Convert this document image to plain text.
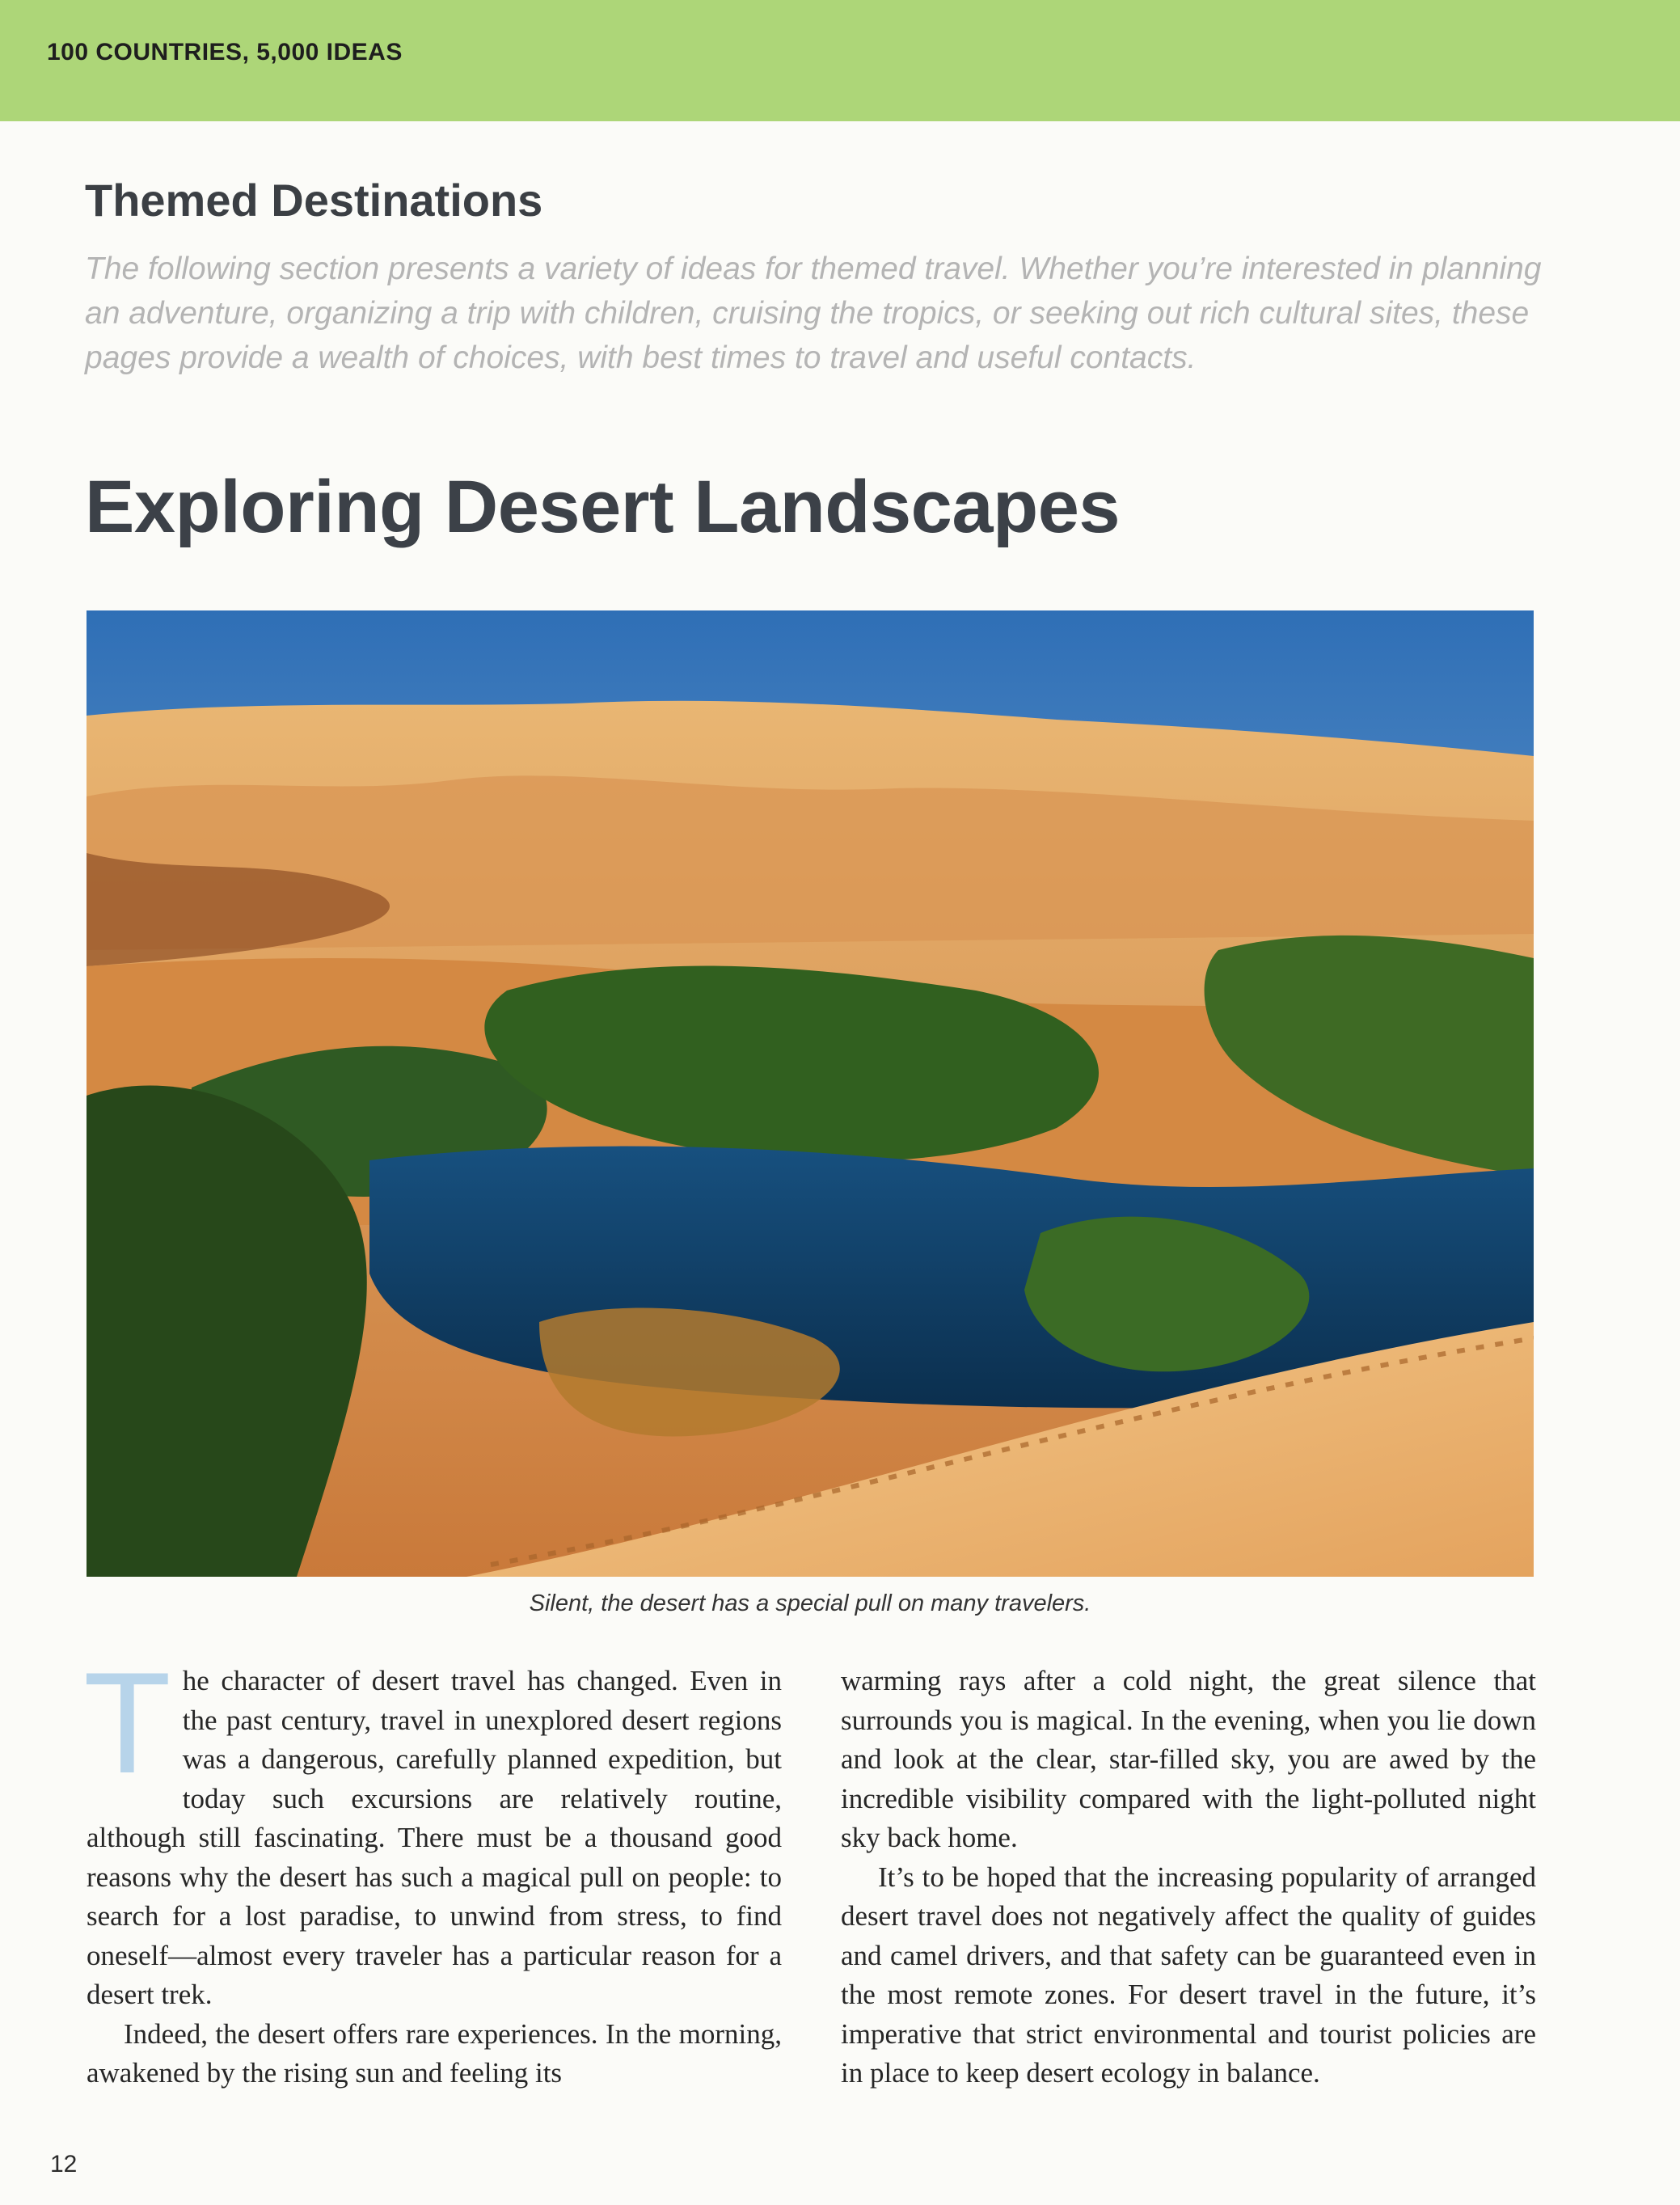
100 COUNTRIES, 5,000 IDEAS
Themed Destinations

The following section presents a variety of ideas for themed travel. Whether you’re interested in planning an adventure, organizing a trip with children, cruising the tropics, or seeking out rich cultural sites, these pages provide a wealth of choices, with best times to travel and useful contacts.

Exploring Desert Landscapes
Silent, the desert has a special pull on many travelers.

The character of desert travel has changed. Even in the past century, travel in unexplored desert regions was a dangerous, carefully planned expedition, but today such excursions are relatively routine, although still fascinating. There must be a thousand good reasons why the desert has such a magical pull on people: to search for a lost paradise, to unwind from stress, to find oneself—almost every traveler has a particular reason for a desert trek.

Indeed, the desert offers rare experiences. In the morning, awakened by the rising sun and feeling its

warming rays after a cold night, the great silence that surrounds you is magical. In the evening, when you lie down and look at the clear, star-filled sky, you are awed by the incredible visibility compared with the light-polluted night sky back home.

It’s to be hoped that the increasing popularity of arranged desert travel does not negatively affect the quality of guides and camel drivers, and that safety can be guaranteed even in the most remote zones. For desert travel in the future, it’s imperative that strict environmental and tourist policies are in place to keep desert ecology in balance.

12
